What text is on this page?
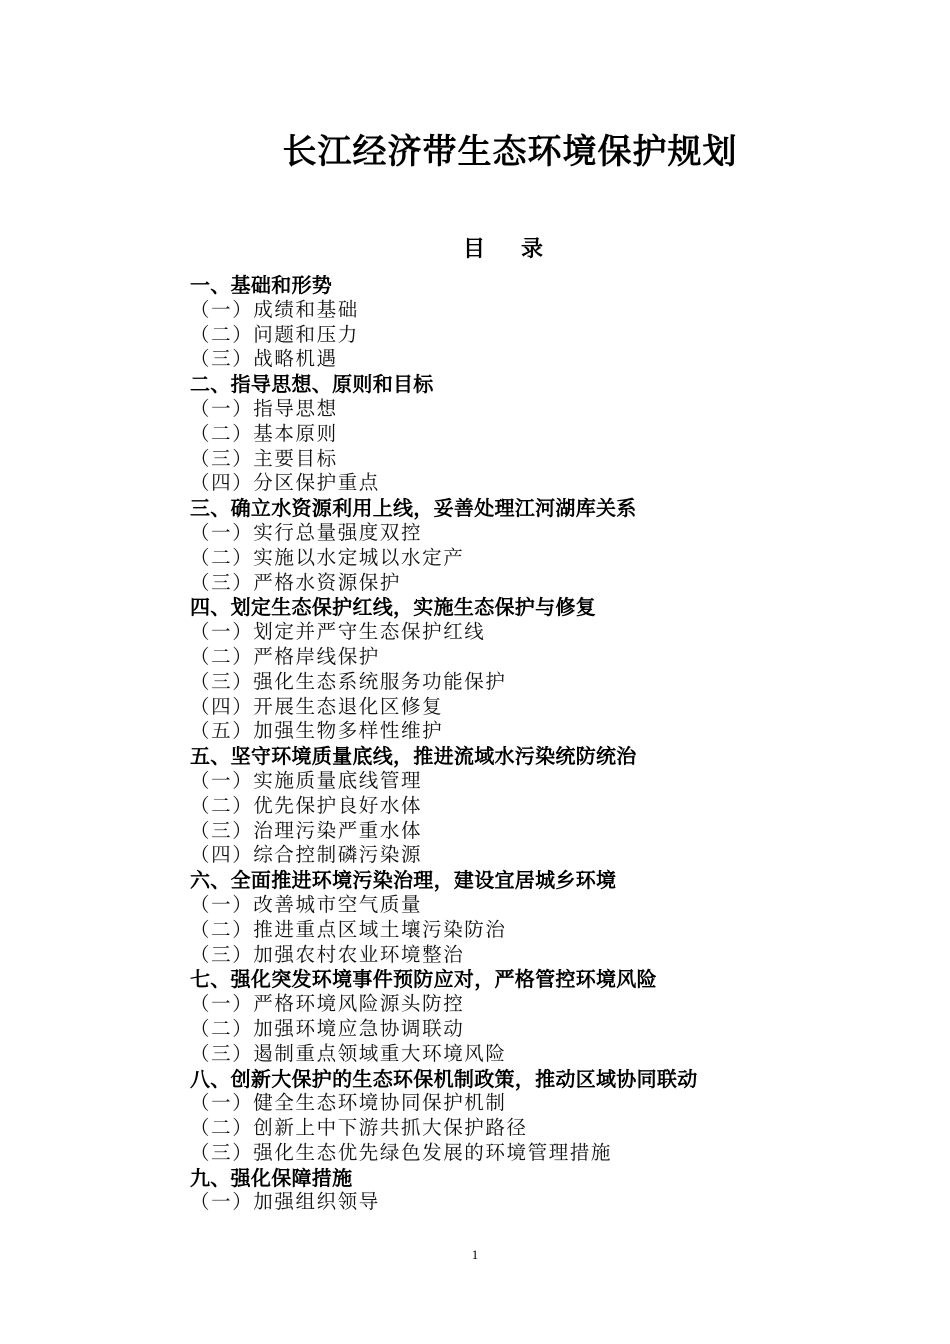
长江经济带生态环境保护规划
目 录
一、基础和形势
（一）成绩和基础
（二）问题和压力
（三）战略机遇
二、指导思想、原则和目标
（一）指导思想
（二）基本原则
（三）主要目标
（四）分区保护重点
三、确立水资源利用上线，妥善处理江河湖库关系
（一）实行总量强度双控
（二）实施以水定城以水定产
（三）严格水资源保护
四、划定生态保护红线，实施生态保护与修复
（一）划定并严守生态保护红线
（二）严格岸线保护
（三）强化生态系统服务功能保护
（四）开展生态退化区修复
（五）加强生物多样性维护
五、坚守环境质量底线，推进流域水污染统防统治
（一）实施质量底线管理
（二）优先保护良好水体
（三）治理污染严重水体
（四）综合控制磷污染源
六、全面推进环境污染治理，建设宜居城乡环境
（一）改善城市空气质量
（二）推进重点区域土壤污染防治
（三）加强农村农业环境整治
七、强化突发环境事件预防应对，严格管控环境风险
（一）严格环境风险源头防控
（二）加强环境应急协调联动
（三）遏制重点领域重大环境风险
八、创新大保护的生态环保机制政策，推动区域协同联动
（一）健全生态环境协同保护机制
（二）创新上中下游共抓大保护路径
（三）强化生态优先绿色发展的环境管理措施
九、强化保障措施
（一）加强组织领导
1
